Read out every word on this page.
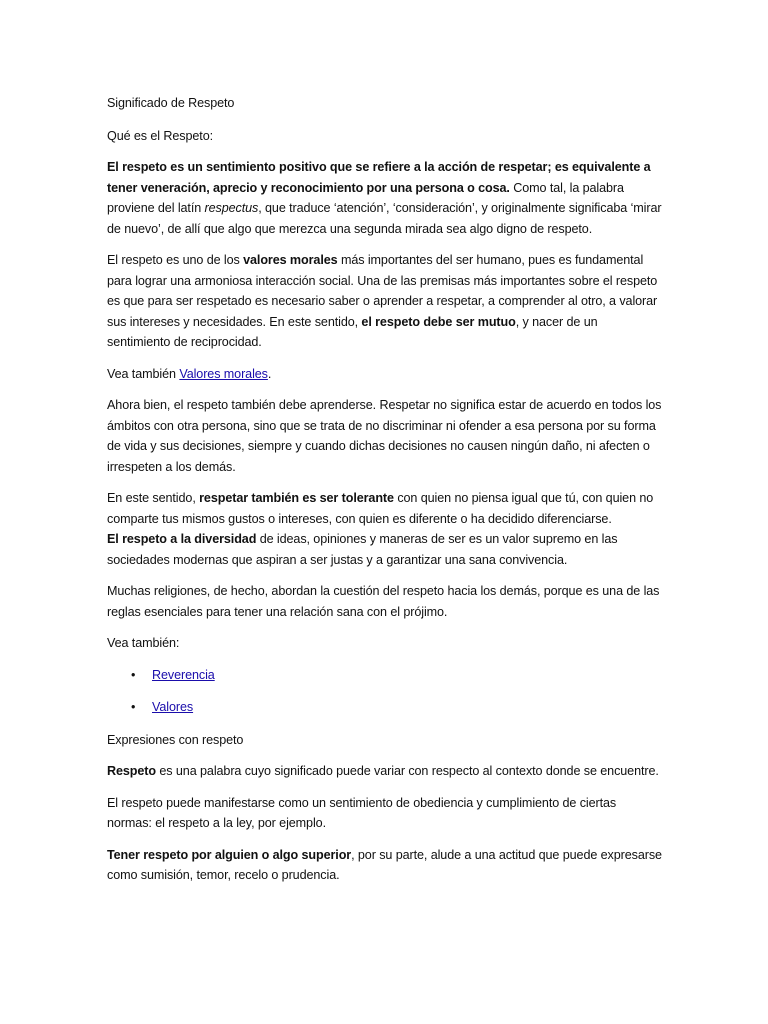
Significado de Respeto

Qué es el Respeto:

El respeto es un sentimiento positivo que se refiere a la acción de respetar; es equivalente a tener veneración, aprecio y reconocimiento por una persona o cosa. Como tal, la palabra proviene del latín respectus, que traduce ‘atención’, ‘consideración’, y originalmente significaba ‘mirar de nuevo’, de allí que algo que merezca una segunda mirada sea algo digno de respeto.

El respeto es uno de los valores morales más importantes del ser humano, pues es fundamental para lograr una armoniosa interacción social. Una de las premisas más importantes sobre el respeto es que para ser respetado es necesario saber o aprender a respetar, a comprender al otro, a valorar sus intereses y necesidades. En este sentido, el respeto debe ser mutuo, y nacer de un sentimiento de reciprocidad.

Vea también Valores morales.

Ahora bien, el respeto también debe aprenderse. Respetar no significa estar de acuerdo en todos los ámbitos con otra persona, sino que se trata de no discriminar ni ofender a esa persona por su forma de vida y sus decisiones, siempre y cuando dichas decisiones no causen ningún daño, ni afecten o irrespeten a los demás.

En este sentido, respetar también es ser tolerante con quien no piensa igual que tú, con quien no comparte tus mismos gustos o intereses, con quien es diferente o ha decidido diferenciarse.
El respeto a la diversidad de ideas, opiniones y maneras de ser es un valor supremo en las sociedades modernas que aspiran a ser justas y a garantizar una sana convivencia.

Muchas religiones, de hecho, abordan la cuestión del respeto hacia los demás, porque es una de las reglas esenciales para tener una relación sana con el prójimo.

Vea también:

• Reverencia
• Valores

Expresiones con respeto

Respeto es una palabra cuyo significado puede variar con respecto al contexto donde se encuentre.

El respeto puede manifestarse como un sentimiento de obediencia y cumplimiento de ciertas normas: el respeto a la ley, por ejemplo.

Tener respeto por alguien o algo superior, por su parte, alude a una actitud que puede expresarse como sumisión, temor, recelo o prudencia.
